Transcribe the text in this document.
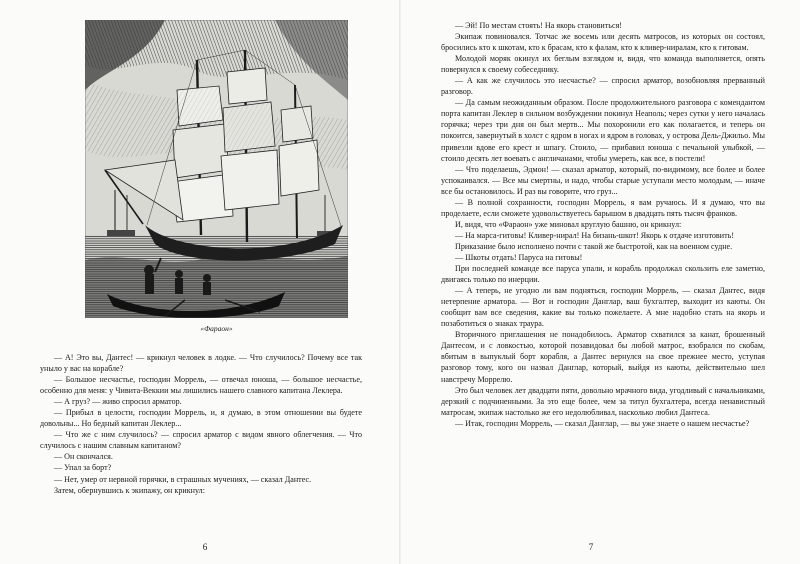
«Фараон»

— А! Это вы, Дантес! — крикнул человек в лодке. — Что случилось? Почему все так уныло у вас на корабле?

— Большое несчастье, господин Моррель, — отвечал юноша, — большое несчастье, особенно для меня: у Чивита-Веккии мы лишились нашего славного капитана Леклера.

— А груз? — живо спросил арматор.

— Прибыл в целости, господин Моррель, и, я думаю, в этом отношении вы будете довольны... Но бедный капитан Леклер...

— Что же с ним случилось? — спросил арматор с видом явного облегчения. — Что случилось с нашим славным капитаном?

— Он скончался.

— Упал за борт?

— Нет, умер от нервной горячки, в страшных мучениях, — сказал Дантес.

Затем, обернувшись к экипажу, он крикнул:

6

— Эй! По местам стоять! На якорь становиться!

Экипаж повиновался. Тотчас же восемь или десять матросов, из которых он состоял, бросились кто к шкотам, кто к брасам, кто к фалам, кто к кливер-ниралам, кто к гитовам.

Молодой моряк окинул их беглым взглядом и, видя, что команда выполняется, опять повернулся к своему собеседнику.

— А как же случилось это несчастье? — спросил арматор, возобновляя прерванный разговор.

— Да самым неожиданным образом. После продолжительного разговора с комендантом порта капитан Леклер в сильном возбуждении покинул Неаполь; через сутки у него началась горячка; через три дня он был мертв... Мы похоронили его как полагается, и теперь он покоится, завернутый в холст с ядром в ногах и ядром в головах, у острова Дель-Джильо. Мы привезли вдове его крест и шпагу. Стоило, — прибавил юноша с печальной улыбкой, — стоило десять лет воевать с англичанами, чтобы умереть, как все, в постели!

— Что поделаешь, Эдмон! — сказал арматор, который, по-видимому, все более и более успокаивался. — Все мы смертны, и надо, чтобы старые уступали место молодым, — иначе все бы остановилось. И раз вы говорите, что груз...

— В полной сохранности, господин Моррель, я вам ручаюсь. И я думаю, что вы проделаете, если сможете удовольствуетесь барышом в двадцать пять тысяч франков.

И, видя, что «Фараон» уже миновал круглую башню, он крикнул:

— На марса-гитовы! Кливер-нирал! На бизань-шкот! Якорь к отдаче изготовить!

Приказание было исполнено почти с такой же быстротой, как на военном судне.

— Шкоты отдать! Паруса на гитовы!

При последней команде все паруса упали, и корабль продолжал скользить еле заметно, двигаясь только по инерции.

— А теперь, не угодно ли вам подняться, господин Моррель, — сказал Дантес, видя нетерпение арматора. — Вот и господин Данглар, ваш бухгалтер, выходит из каюты. Он сообщит вам все сведения, какие вы только пожелаете. А мне надобно стать на якорь и позаботиться о знаках траура.

Вторичного приглашения не понадобилось. Арматор схватился за канат, брошенный Дантесом, и с ловкостью, которой позавидовал бы любой матрос, взобрался по скобам, вбитым в выпуклый борт корабля, а Дантес вернулся на свое прежнее место, уступая разговор тому, кого он назвал Данглар, который, выйдя из каюты, действительно шел навстречу Моррелю.

Это был человек лет двадцати пяти, довольно мрачного вида, угодливый с начальниками, дерзкий с подчиненными. За это еще более, чем за титул бухгалтера, всегда ненавистный матросам, экипаж настолько же его недолюбливал, насколько любил Дантеса.

— Итак, господин Моррель, — сказал Данглар, — вы уже знаете о нашем несчастье?

7
